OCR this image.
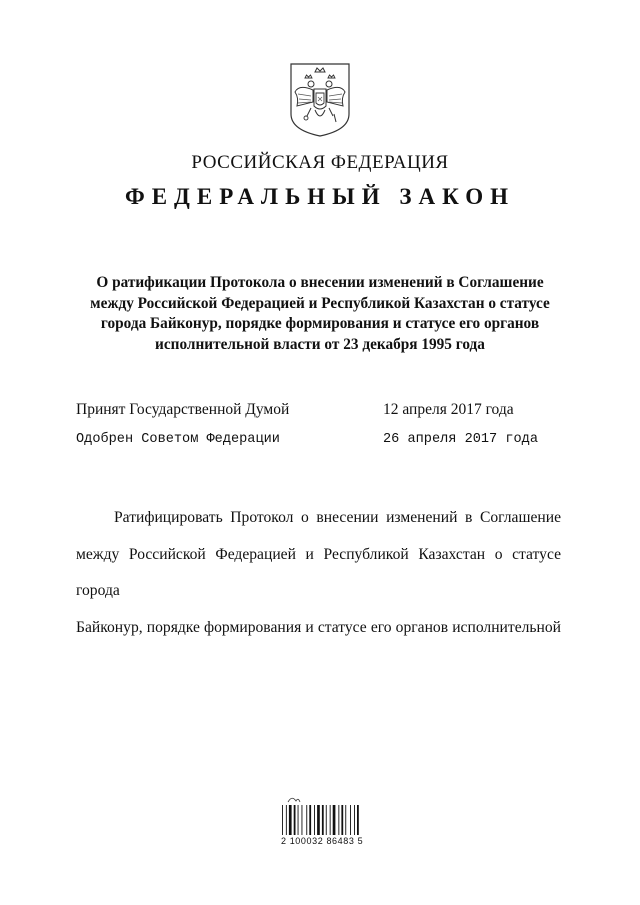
РОССИЙСКАЯ ФЕДЕРАЦИЯ
ФЕДЕРАЛЬНЫЙ ЗАКОН
О ратификации Протокола о внесении изменений в Соглашение
между Российской Федерацией и Республикой Казахстан о статусе
города Байконур, порядке формирования и статусе его органов
исполнительной власти от 23 декабря 1995 года
Принят Государственной Думой	12 апреля 2017 года
Одобрен Советом Федерации	26 апреля 2017 года
Ратифицировать Протокол о внесении изменений в Соглашение
между Российской Федерацией и Республикой Казахстан о статусе города
Байконур, порядке формирования и статусе его органов исполнительной
2 100032 86483 5
